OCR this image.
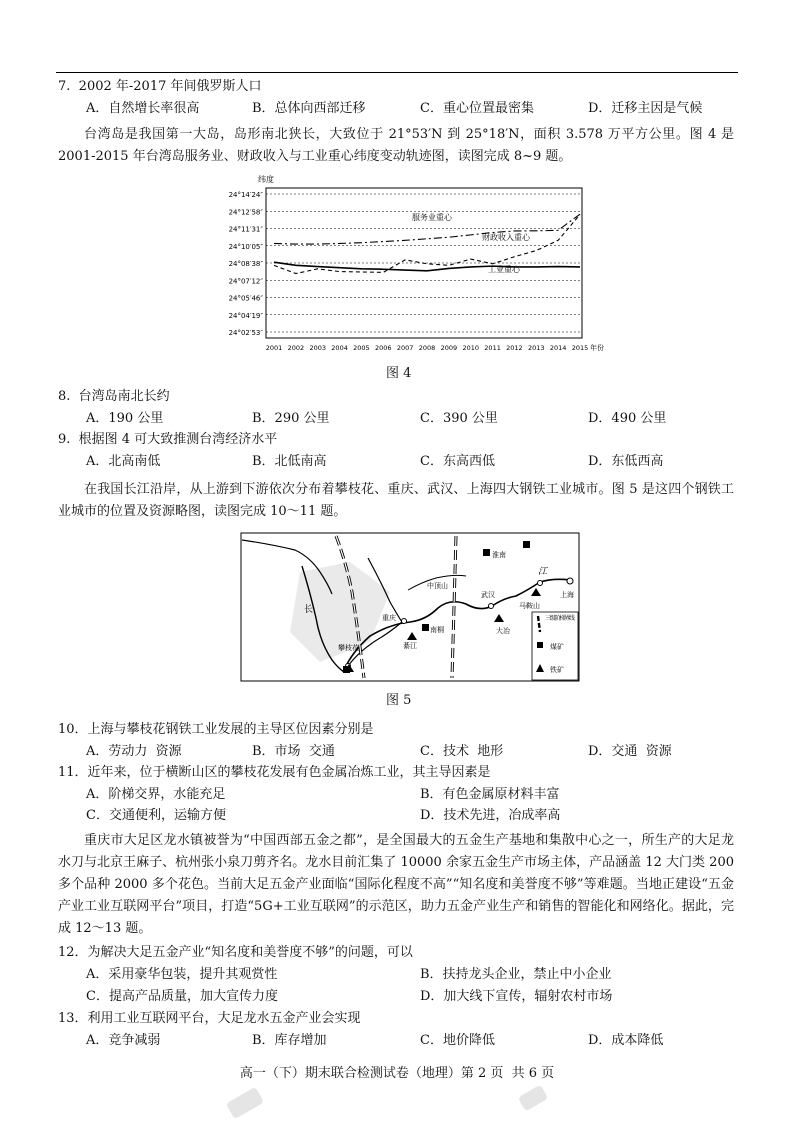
7.  2002 年-2017 年间俄罗斯人口
A．自然增长率很高	B．总体向西部迁移	C．重心位置最密集	D．迁移主因是气候
台湾岛是我国第一大岛，岛形南北狭长，大致位于 21°53′N 到 25°18′N，面积 3.578 万平方公里。图 4 是 2001-2015 年台湾岛服务业、财政收入与工业重心纬度变动轨迹图，读图完成 8~9 题。
纬度
24°14′24″
24°12′58″
24°11′31″
24°10′05″
24°08′38″
24°07′12″
24°05′46″
24°04′19″
24°02′53″
2001 2002 2003 2004 2005 2006 2007 2008 2009 2010 2011 2012 2013 2014 2015
服务业重心
财政收入重心
工业重心
年份
图 4
8.  台湾岛南北长约
A．190 公里	B．290 公里	C．390 公里	D．490 公里
9.  根据图 4 可大致推测台湾经济水平
A．北高南低	B．北低南高	C．东高西低	D．东低西高
在我国长江沿岸，从上游到下游依次分布着攀枝花、重庆、武汉、上海四大钢铁工业城市。图 5 是这四个钢铁工业城市的位置及资源略图，读图完成 10～11 题。
长
江
攀枝花
重庆
綦江
南桐
中顶山
武汉
大冶
马鞍山
上海
淮南
三级阶梯界线
煤矿
铁矿
图 5
10．上海与攀枝花钢铁工业发展的主导区位因素分别是
A．劳动力  资源	B．市场  交通	C．技术  地形	D．交通  资源
11．近年来，位于横断山区的攀枝花发展有色金属冶炼工业，其主导因素是
A．阶梯交界，水能充足	B．有色金属原材料丰富
C．交通便利，运输方便	D．技术先进，冶成率高
重庆市大足区龙水镇被誉为“中国西部五金之都”，是全国最大的五金生产基地和集散中心之一，所生产的大足龙水刀与北京王麻子、杭州张小泉刀剪齐名。龙水目前汇集了 10000 余家五金生产市场主体，产品涵盖 12 大门类 200 多个品种 2000 多个花色。当前大足五金产业面临“国际化程度不高”“知名度和美誉度不够”等难题。当地正建设“五金产业工业互联网平台”项目，打造“5G+工业互联网”的示范区，助力五金产业生产和销售的智能化和网络化。据此，完成 12～13 题。
12．为解决大足五金产业“知名度和美誉度不够”的问题，可以
A．采用豪华包装，提升其观赏性	B．扶持龙头企业，禁止中小企业
C．提高产品质量，加大宣传力度	D．加大线下宣传，辐射农村市场
13．利用工业互联网平台，大足龙水五金产业会实现
A．竞争减弱	B．库存增加	C．地价降低	D．成本降低
高一（下）期末联合检测试卷（地理）第 2 页  共 6 页
